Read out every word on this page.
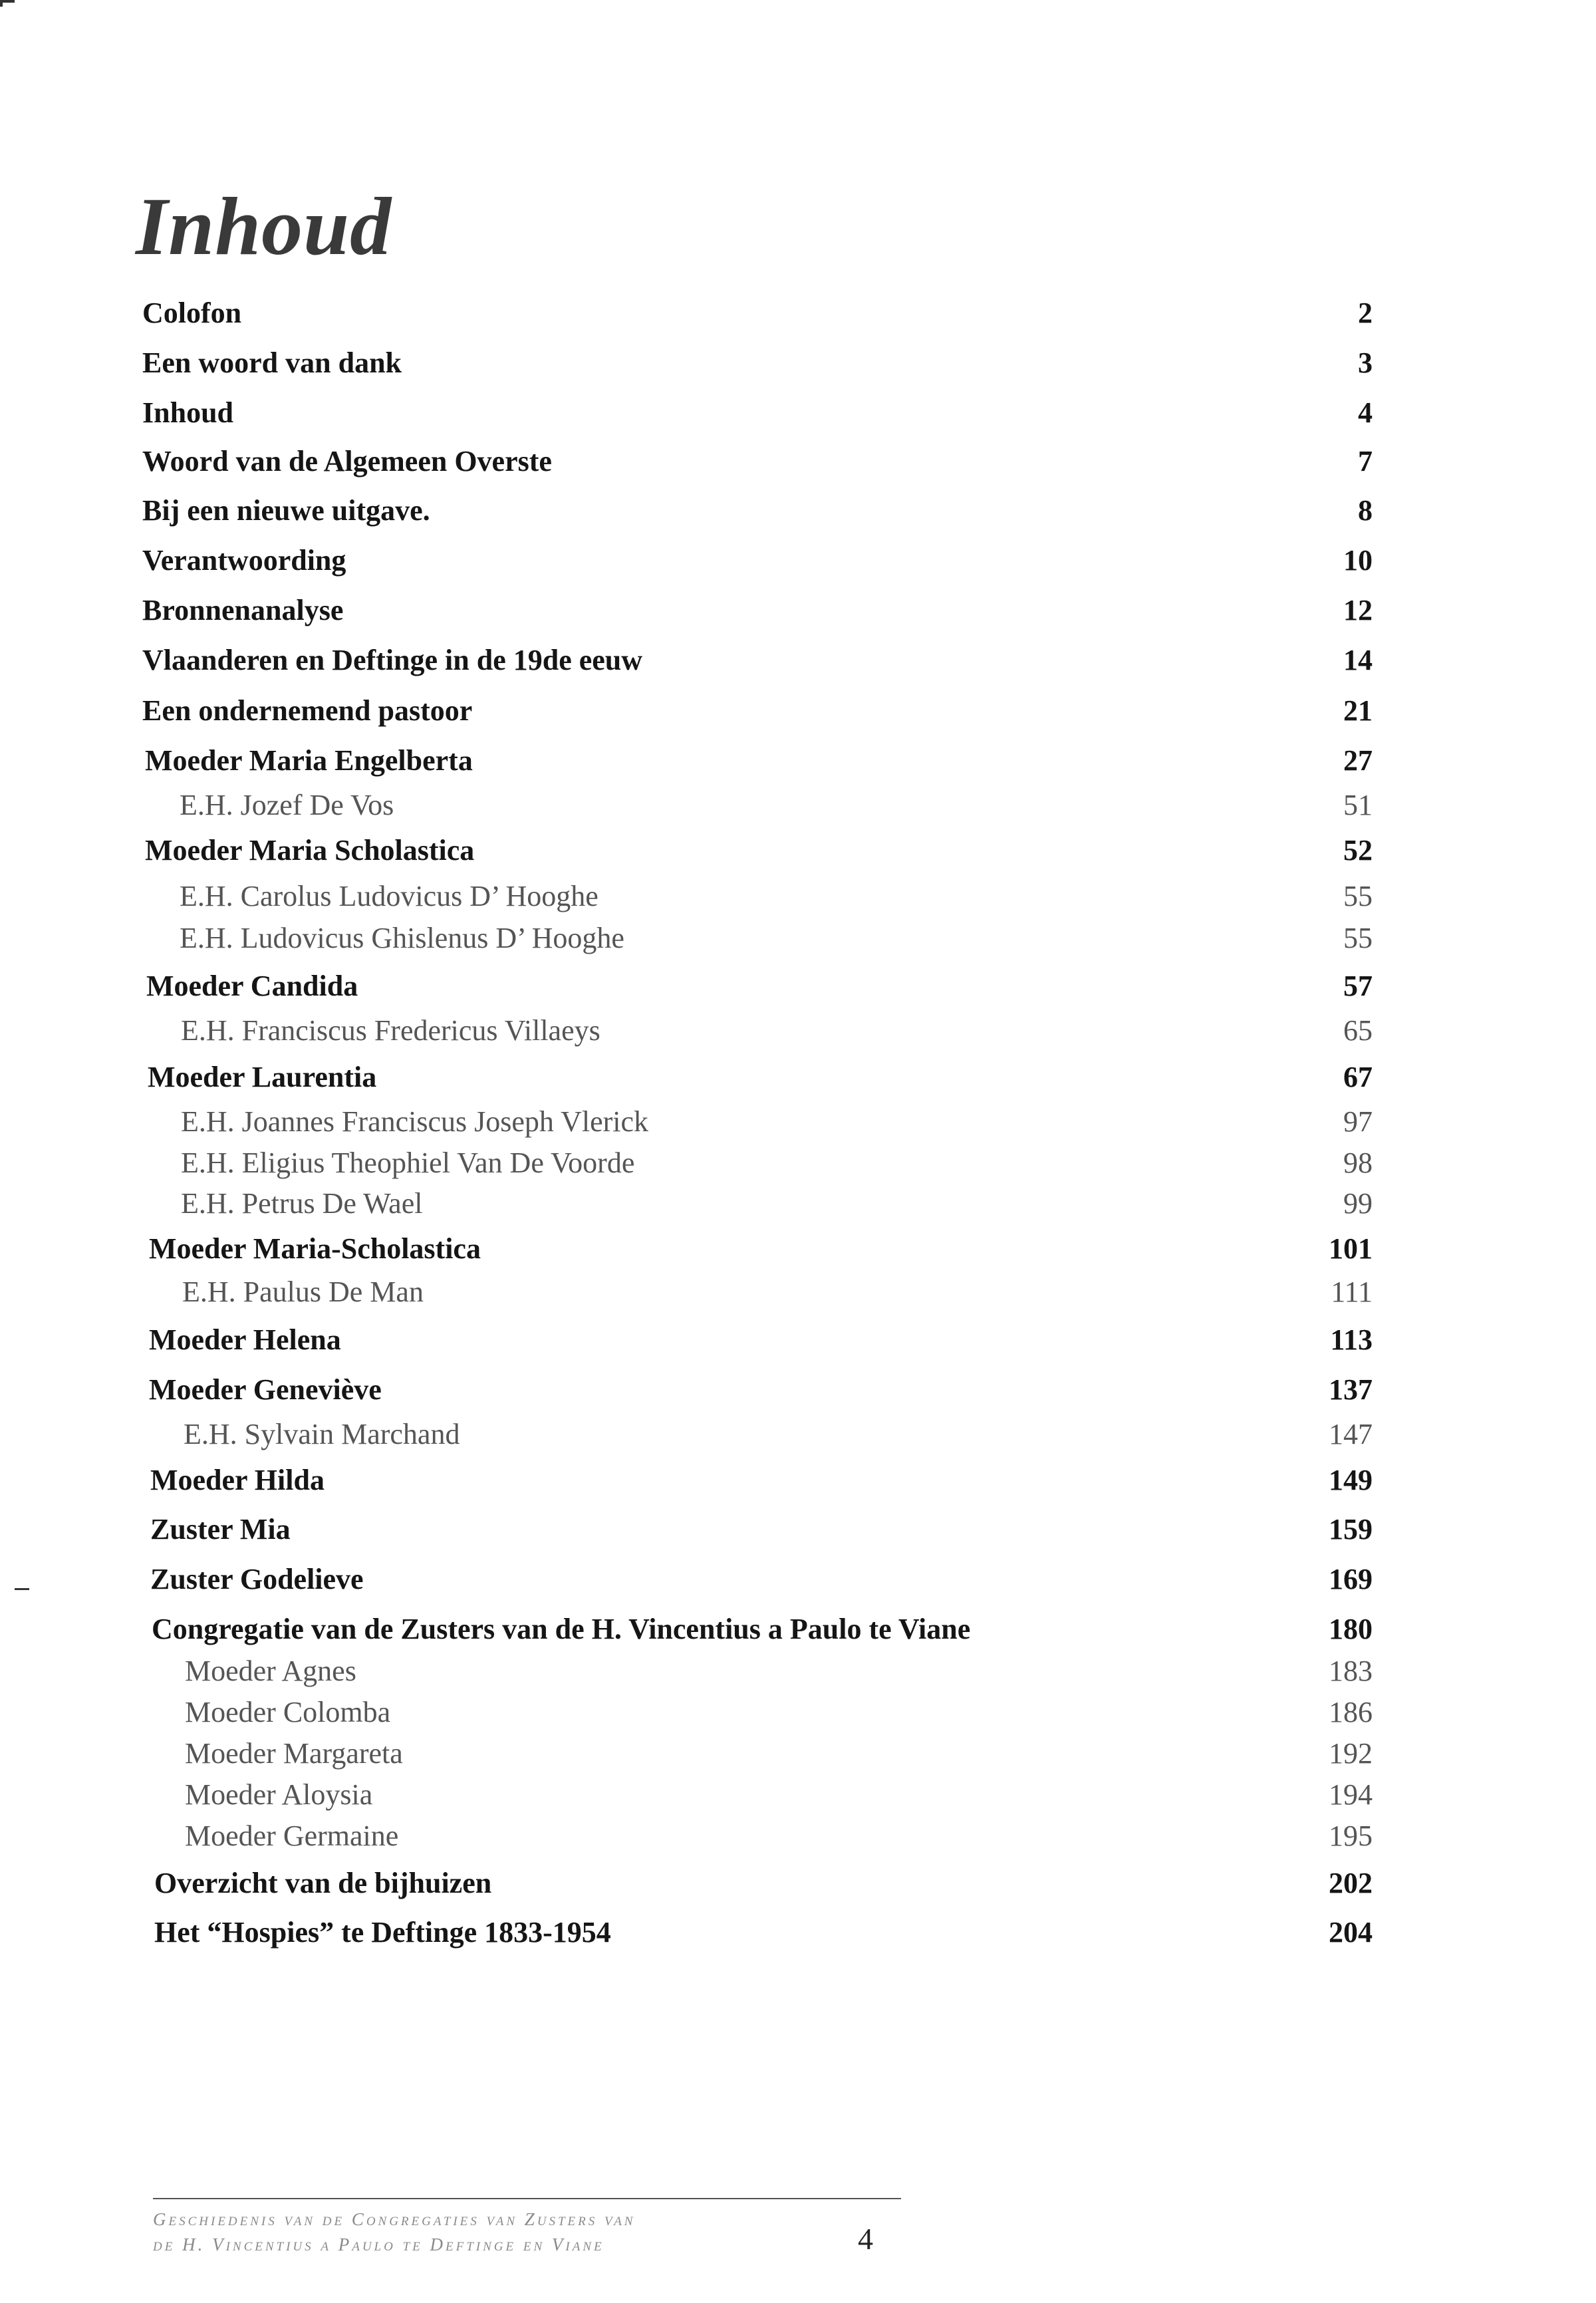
Inhoud
Colofon	2
Een woord van dank	3
Inhoud	4
Woord van de Algemeen Overste	7
Bij een nieuwe uitgave.	8
Verantwoording	10
Bronnenanalyse	12
Vlaanderen en Deftinge in de 19de eeuw	14
Een ondernemend pastoor	21
Moeder Maria Engelberta	27
E.H. Jozef De Vos	51
Moeder Maria Scholastica	52
E.H. Carolus Ludovicus D’ Hooghe	55
E.H. Ludovicus Ghislenus D’ Hooghe	55
Moeder Candida	57
E.H. Franciscus Fredericus Villaeys	65
Moeder Laurentia	67
E.H. Joannes Franciscus Joseph Vlerick	97
E.H. Eligius Theophiel Van De Voorde	98
E.H. Petrus De Wael	99
Moeder Maria-Scholastica	101
E.H. Paulus De Man	111
Moeder Helena	113
Moeder Geneviève	137
E.H. Sylvain Marchand	147
Moeder Hilda	149
Zuster Mia	159
Zuster Godelieve	169
Congregatie van de Zusters van de H. Vincentius a Paulo te Viane	180
Moeder Agnes	183
Moeder Colomba	186
Moeder Margareta	192
Moeder Aloysia	194
Moeder Germaine	195
Overzicht van de bijhuizen	202
Het “Hospies” te Deftinge 1833-1954	204
Geschiedenis van de Congregaties van Zusters van
de H. Vincentius a Paulo te Deftinge en Viane	4
